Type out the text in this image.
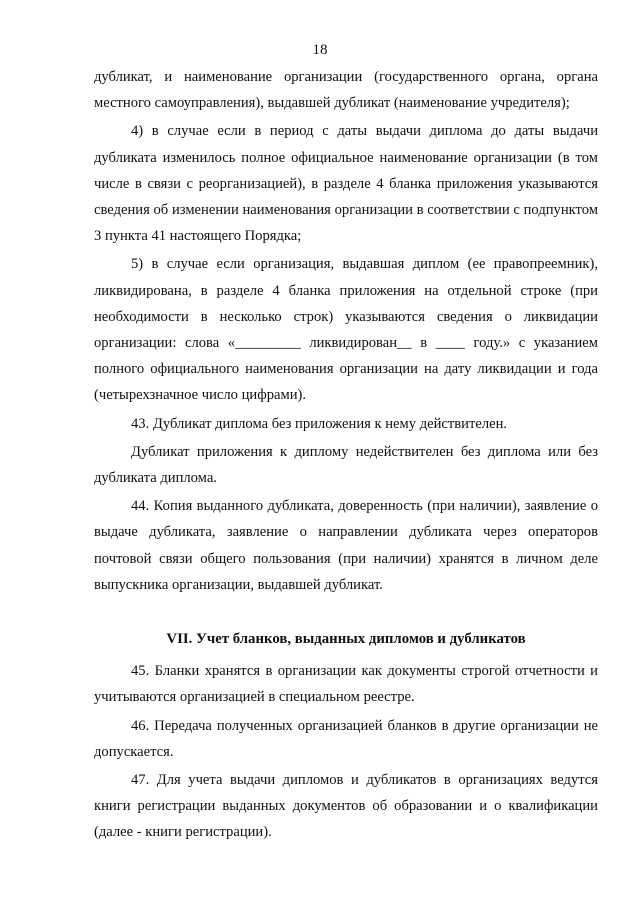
18

дубликат, и наименование организации (государственного органа, органа местного самоуправления), выдавшей дубликат (наименование учредителя);

4) в случае если в период с даты выдачи диплома до даты выдачи дубликата изменилось полное официальное наименование организации (в том числе в связи с реорганизацией), в разделе 4 бланка приложения указываются сведения об изменении наименования организации в соответствии с подпунктом 3 пункта 41 настоящего Порядка;

5) в случае если организация, выдавшая диплом (ее правопреемник), ликвидирована, в разделе 4 бланка приложения на отдельной строке (при необходимости в несколько строк) указываются сведения о ликвидации организации: слова «_________ ликвидирован__ в ____ году.» с указанием полного официального наименования организации на дату ликвидации и года (четырехзначное число цифрами).

43. Дубликат диплома без приложения к нему действителен.

Дубликат приложения к диплому недействителен без диплома или без дубликата диплома.

44. Копия выданного дубликата, доверенность (при наличии), заявление о выдаче дубликата, заявление о направлении дубликата через операторов почтовой связи общего пользования (при наличии) хранятся в личном деле выпускника организации, выдавшей дубликат.

VII. Учет бланков, выданных дипломов и дубликатов

45. Бланки хранятся в организации как документы строгой отчетности и учитываются организацией в специальном реестре.

46. Передача полученных организацией бланков в другие организации не допускается.

47. Для учета выдачи дипломов и дубликатов в организациях ведутся книги регистрации выданных документов об образовании и о квалификации (далее - книги регистрации).
